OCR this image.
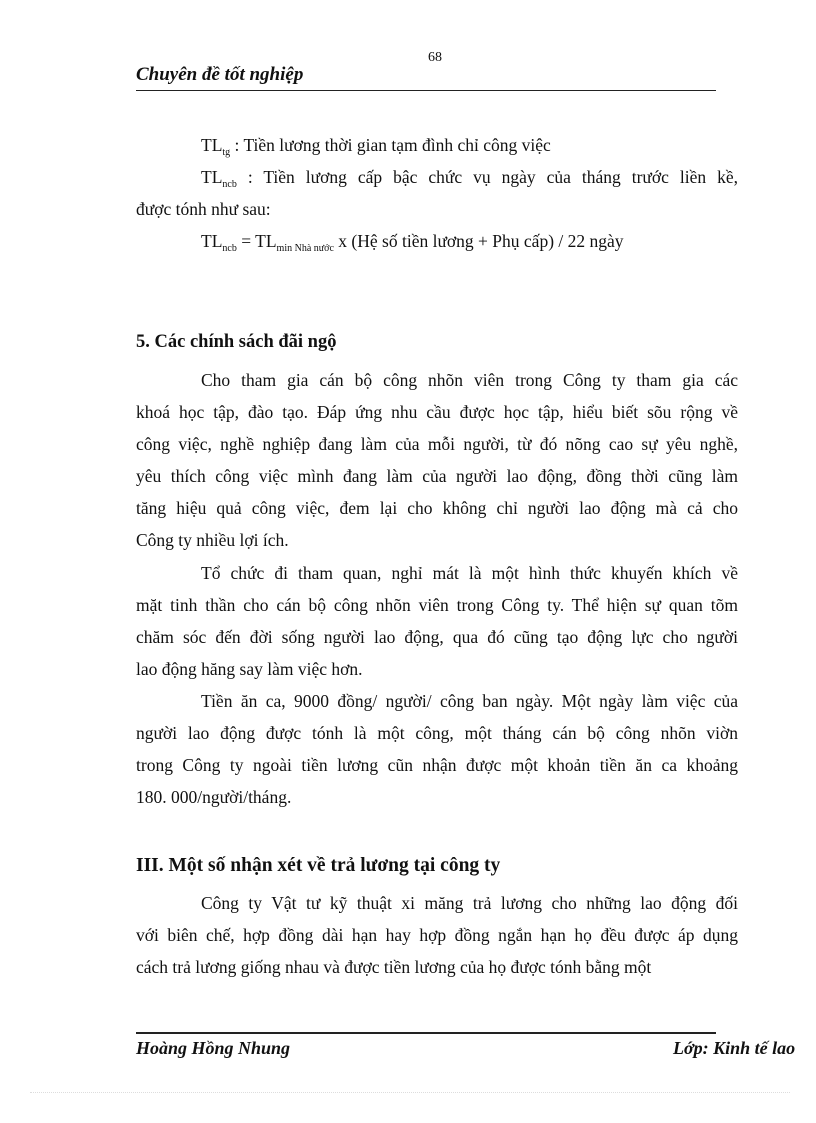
68
Chuyên đề tốt nghiệp
$TL_{tg}$ : Tiền lương thời gian tạm đình chỉ công việc
$TL_{ncb}$ : Tiền lương cấp bậc chức vụ ngày của tháng trước liền kề,
được tónh như sau:
$TL_{ncb} = TL_{min Nhà nước}$ x (Hệ số tiền lương + Phụ cấp) / 22 ngày
5. Các chính sách đãi ngộ
Cho tham gia cán bộ công nhõn viên trong Công ty tham gia các
khoá học tập, đào tạo. Đáp ứng nhu cầu được học tập, hiểu biết sõu rộng về
công việc, nghề nghiệp đang làm của mỗi người, từ đó nõng cao sự yêu nghề,
yêu thích công việc mình đang làm của người lao động, đồng thời cũng làm
tăng hiệu quả công việc, đem lại cho không chỉ người lao động mà cả cho
Công ty nhiều lợi ích.
Tổ chức đi tham quan, nghỉ mát là một hình thức khuyến khích về
mặt tinh thần cho cán bộ công nhõn viên trong Công ty. Thể hiện sự quan tõm
chăm sóc đến đời sống người lao động, qua đó cũng tạo động lực cho người
lao động hăng say làm việc hơn.
Tiền ăn ca, 9000 đồng/ người/ công ban ngày. Một ngày làm việc của
người lao động được tónh là một công, một tháng cán bộ công nhõn viờn
trong Công ty ngoài tiền lương cũn nhận được một khoản tiền ăn ca khoảng
180. 000/người/tháng.
III. Một số nhận xét về trả lương tại công ty
Công ty Vật tư kỹ thuật xi măng trả lương cho những lao động đối
với biên chế, hợp đồng dài hạn hay hợp đồng ngắn hạn họ đều được áp dụng
cách trả lương giống nhau và được tiền lương của họ được tónh bằng một
Hoàng Hồng Nhung	Lớp: Kinh tế lao
